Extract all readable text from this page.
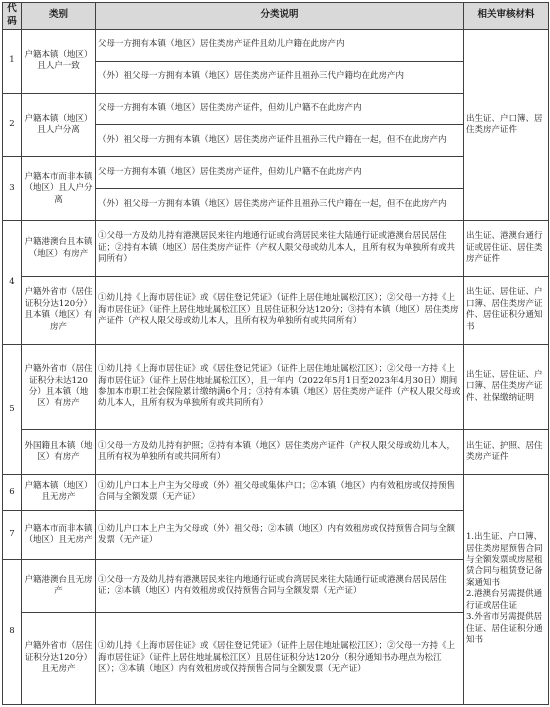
代码	类别	分类说明	相关审核材料
1	户籍本镇（地区）且人户一致	父母一方拥有本镇（地区）居住类房产证件且幼儿户籍在此房产内	出生证、户口簿、居住类房产证件
		（外）祖父母一方拥有本镇（地区）居住类房产证件且祖孙三代户籍均在此房产内	
2	户籍本镇（地区）且人户分离	父母一方拥有本镇（地区）居住类房产证件，但幼儿户籍不在此房产内	
		（外）祖父母一方拥有本镇（地区）居住类房产证件且祖孙三代户籍在一起，但不在此房产内	
3	户籍本市而非本镇（地区）且人户分离	父母一方拥有本镇（地区）居住类房产证件，但幼儿户籍不在此房产内	
		（外）祖父母一方拥有本镇（地区）居住类房产证件且祖孙三代户籍在一起，但不在此房产内	
4	户籍港澳台且本镇（地区）有房产	①父母一方及幼儿持有港澳居民来往内地通行证或台湾居民来往大陆通行证或港澳台居民居住证；②持有本镇（地区）居住类房产证件（产权人限父母或幼儿本人，且所有权为单独所有或共同所有）	出生证、港澳台通行证或居住证、居住类房产证件
	户籍外省市（居住证积分达120分）且本镇（地区）有房产	①幼儿持《上海市居住证》或《居住登记凭证》（证件上居住地址属松江区）；②父母一方持《上海市居住证》（证件上居住地址属松江区）且居住证积分达120分；③持有本镇（地区）居住类房产证件（产权人限父母或幼儿本人，且所有权为单独所有或共同所有）	出生证、居住证、户口簿、居住类房产证件、居住证积分通知书
5	户籍外省市（居住证积分未达120分）且本镇（地区）有房产	①幼儿持《上海市居住证》或《居住登记凭证》（证件上居住地址属松江区）；②父母一方持《上海市居住证》（证件上居住地址属松江区），且一年内（2022年5月1日至2023年4月30日）期间参加本市职工社会保险累计缴纳满6个月；③持有本镇（地区）居住类房产证件（产权人限父母或幼儿本人，且所有权为单独所有或共同所有）	出生证、居住证、户口簿、居住类房产证件、社保缴纳证明
	外国籍且本镇（地区）有房产	①父母一方及幼儿持有护照；②持有本镇（地区）居住类房产证件（产权人限父母或幼儿本人，且所有权为单独所有或共同所有）	出生证、护照、居住类房产证件
6	户籍本镇（地区）且无房产	①幼儿户口本上户主为父母或（外）祖父母或集体户口；②本镇（地区）内有效租房或仅持预售合同与全额发票（无产证）	1.出生证、户口簿、居住类房屋预售合同与全额发票或房屋租赁合同与租赁登记备案通知书
2.港澳台另需提供通行证或居住证
3.外省市另需提供居住证、居住证积分通知书
7	户籍本市而非本镇（地区）且无房产	①幼儿户口本上户主为父母或（外）祖父母；②本镇（地区）内有效租房或仅持预售合同与全额发票（无产证）	
8	户籍港澳台且无房产	①父母一方及幼儿持有港澳居民来往内地通行证或台湾居民来往大陆通行证或港澳台居民居住证；②本镇（地区）内有效租房或仅持预售合同与全额发票（无产证）	
	户籍外省市（居住证积分达120分）且无房产	①幼儿持《上海市居住证》或《居住登记凭证》（证件上居住地址属松江区）；②父母一方持《上海市居住证》（证件上居住地址属松江区）且居住证积分达120分（积分通知书办理点为松江区）；③本镇（地区）内有效租房或仅持预售合同与全额发票（无产证）	
